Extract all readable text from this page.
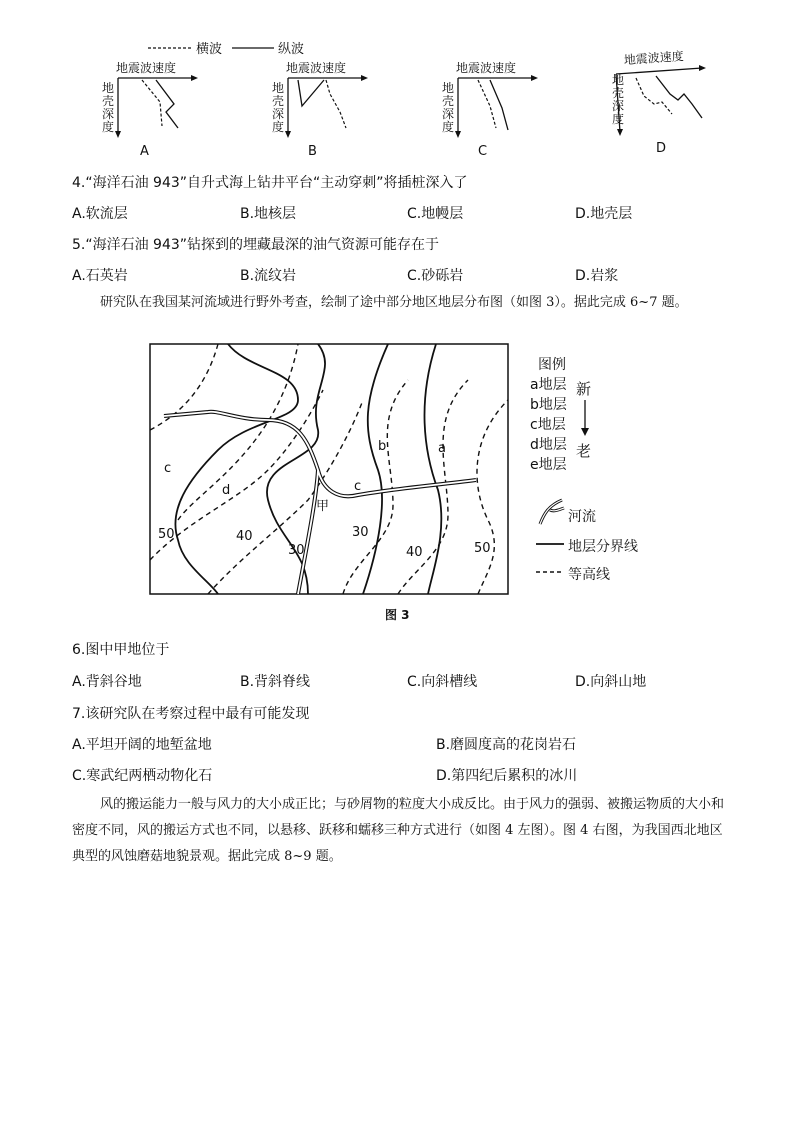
横波	纵波
地震波速度
地壳深度
A
地震波速度
地壳深度
B
地震波速度
地壳深度
C
地震波速度
地壳深度
D
4.“海洋石油 943”自升式海上钻井平台“主动穿刺”将插桩深入了
A.软流层	B.地核层	C.地幔层	D.地壳层
5.“海洋石油 943”钻探到的埋藏最深的油气资源可能存在于
A.石英岩	B.流纹岩	C.砂砾岩	D.岩浆
研究队在我国某河流域进行野外考查，绘制了途中部分地区地层分布图（如图 3）。据此完成 6~7 题。
a
b
c
c
d
甲
50	40
30
30
40	50
图例
a地层
b地层
c地层
d地层
e地层
新
老
河流
地层分界线
等高线
图 3
6.图中甲地位于
A.背斜谷地	B.背斜脊线	C.向斜槽线	D.向斜山地
7.该研究队在考察过程中最有可能发现
A.平坦开阔的地堑盆地	B.磨圆度高的花岗岩石
C.寒武纪两栖动物化石	D.第四纪后累积的冰川
风的搬运能力一般与风力的大小成正比；与砂屑物的粒度大小成反比。由于风力的强弱、被搬运物质的大小和密度不同，风的搬运方式也不同，以悬移、跃移和蠕移三种方式进行（如图 4 左图）。图 4 右图，为我国西北地区典型的风蚀磨菇地貌景观。据此完成 8~9 题。
